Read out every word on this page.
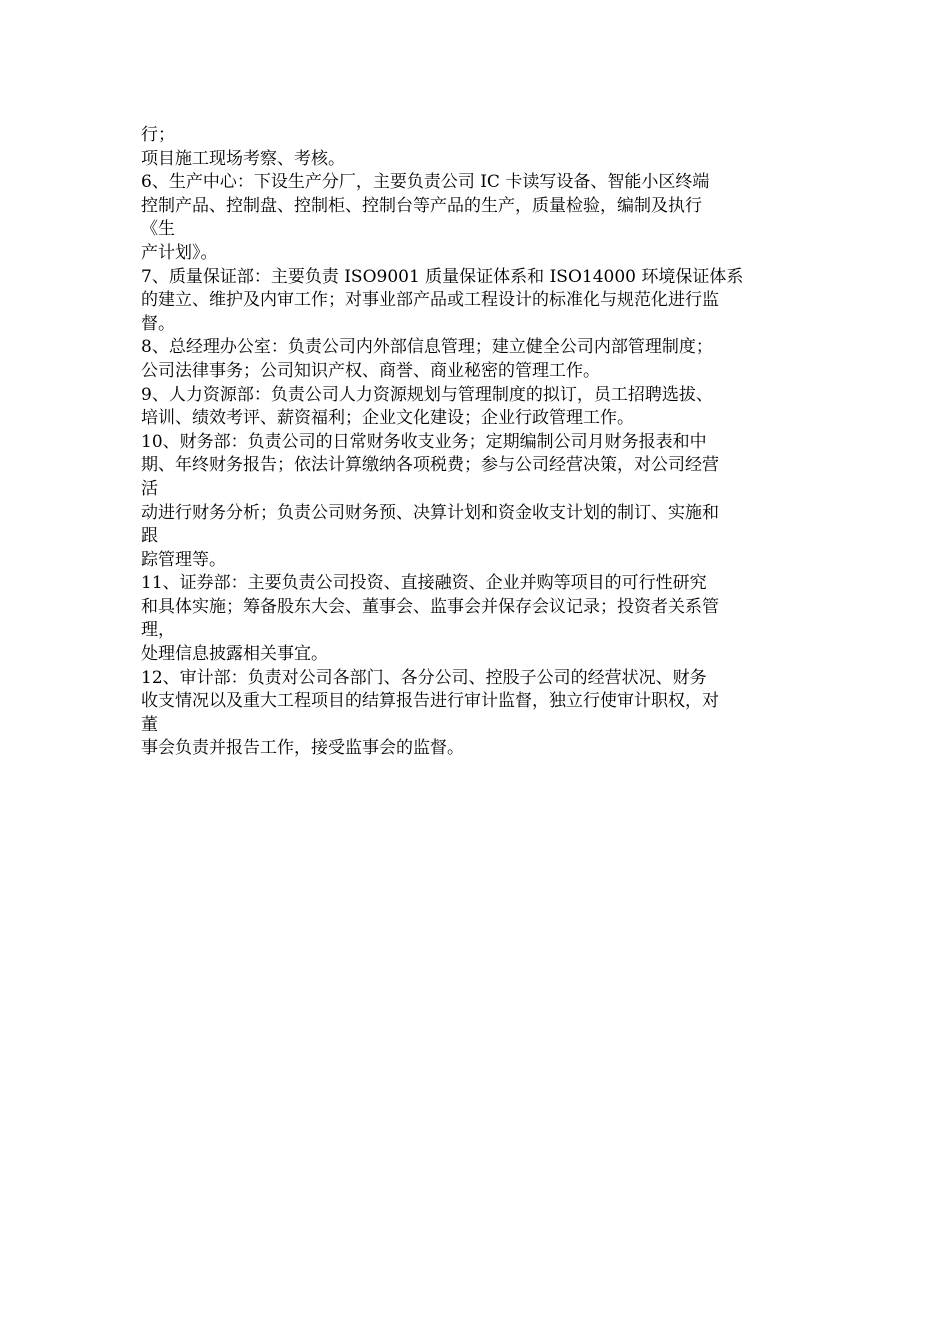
行；
项目施工现场考察、考核。
6、生产中心：下设生产分厂，主要负责公司 IC 卡读写设备、智能小区终端
控制产品、控制盘、控制柜、控制台等产品的生产，质量检验，编制及执行
《生
产计划》。
7、质量保证部：主要负责 ISO9001 质量保证体系和 ISO14000 环境保证体系
的建立、维护及内审工作；对事业部产品或工程设计的标准化与规范化进行监
督。
8、总经理办公室：负责公司内外部信息管理；建立健全公司内部管理制度；
公司法律事务；公司知识产权、商誉、商业秘密的管理工作。
9、人力资源部：负责公司人力资源规划与管理制度的拟订，员工招聘选拔、
培训、绩效考评、薪资福利；企业文化建设；企业行政管理工作。
10、财务部：负责公司的日常财务收支业务；定期编制公司月财务报表和中
期、年终财务报告；依法计算缴纳各项税费；参与公司经营决策，对公司经营
活
动进行财务分析；负责公司财务预、决算计划和资金收支计划的制订、实施和
跟
踪管理等。
11、证券部：主要负责公司投资、直接融资、企业并购等项目的可行性研究
和具体实施；筹备股东大会、董事会、监事会并保存会议记录；投资者关系管
理，
处理信息披露相关事宜。
12、审计部：负责对公司各部门、各分公司、控股子公司的经营状况、财务
收支情况以及重大工程项目的结算报告进行审计监督，独立行使审计职权，对
董
事会负责并报告工作，接受监事会的监督。
